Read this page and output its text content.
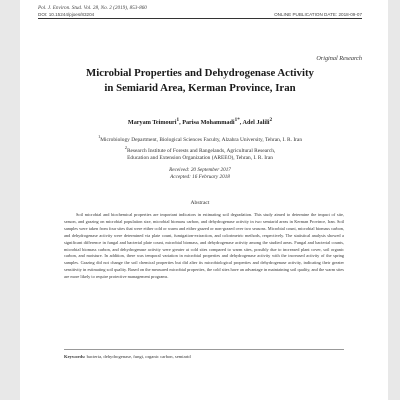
Pol. J. Environ. Stud. Vol. 28, No. 2 (2019), 853-860
DOI: 10.15244/pjoes/83204	ONLINE PUBLICATION DATE: 2018-09-07
Original Research
Microbial Properties and Dehydrogenase Activity
in Semiarid Area, Kerman Province, Iran
Maryam Teimouri$^1$, Parisa Mohammadi$^{1*}$, Adel Jalili$^2$
$^1$Microbiology Department, Biological Sciences Faculty, Alzahra University, Tehran, I. R. Iran
$^2$Research Institute of Forests and Rangelands, Agricultural Research,
Education and Extension Organization (AREEO), Tehran, I. R. Iran
Received: 20 September 2017
Accepted: 16 February 2018
Abstract
Soil microbial and biochemical properties are important indicators in estimating soil degradation. This study aimed to determine the impact of site, season, and grazing on microbial population size, microbial biomass carbon, and dehydrogenase activity in two semiarid areas in Kerman Province, Iran. Soil samples were taken from four sites that were either cold or warm and either grazed or non-grazed over two seasons. Microbial count, microbial biomass carbon, and dehydrogenase activity were determined via plate count, fumigation-extraction, and colorimetric methods, respectively. The statistical analysis showed a significant difference in fungal and bacterial plate count, microbial biomass, and dehydrogenase activity among the studied areas. Fungal and bacterial counts, microbial biomass carbon, and dehydrogenase activity were greater at cold sites compared to warm sites, possibly due to increased plant cover, soil organic carbon, and moisture. In addition, there was temporal variation in microbial properties and dehydrogenase activity with the increased activity of the spring samples. Grazing did not change the soil chemical properties but did alter its microbiological properties and dehydrogenase activity, indicating their greater sensitivity in estimating soil quality. Based on the measured microbial properties, the cold sites have an advantage in maintaining soil quality, and the warm sites are more likely to require protective management programs.
Keywords: bacteria, dehydrogenase, fungi, organic carbon, semiarid
